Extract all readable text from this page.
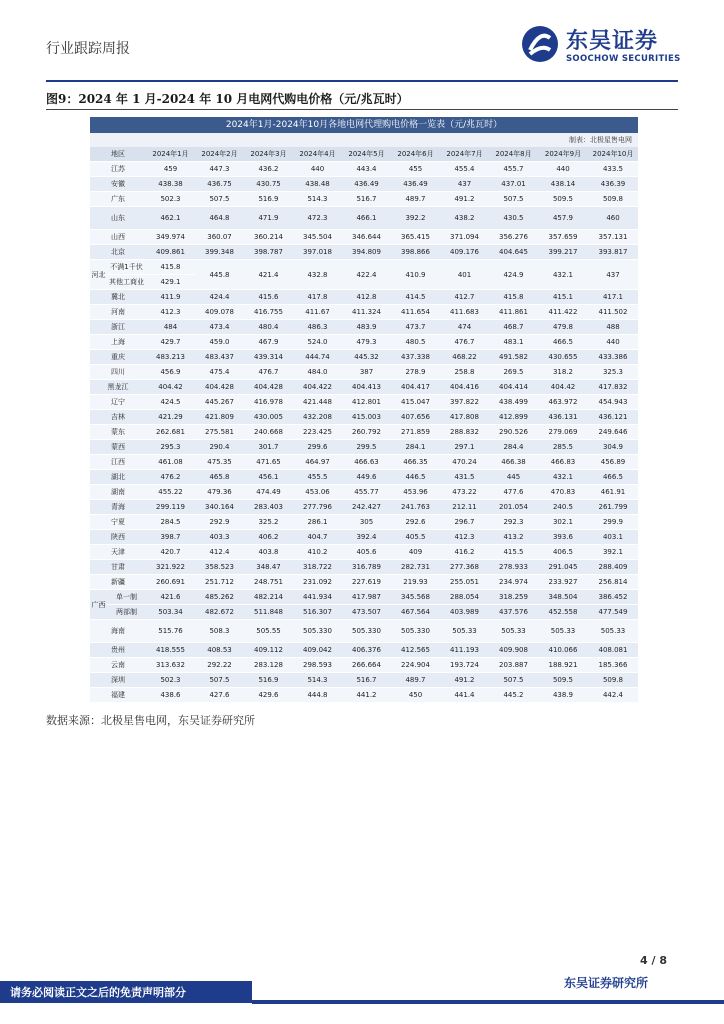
行业跟踪周报	东吴证券
SOOCHOW SECURITIES
图9：2024 年 1 月-2024 年 10 月电网代购电价格（元/兆瓦时）
2024年1月-2024年10月各地电网代理购电价格一览表（元/兆瓦时）
制表：北极星售电网
地区		2024年1月	2024年2月	2024年3月	2024年4月	2024年5月	2024年6月	2024年7月	2024年8月	2024年9月	2024年10月
江苏		459	447.3	436.2	440	443.4	455	455.4	455.7	440	433.5
安徽		438.38	436.75	430.75	438.48	436.49	436.49	437	437.01	438.14	436.39
广东		502.3	507.5	516.9	514.3	516.7	489.7	491.2	507.5	509.5	509.8
山东		462.1	464.8	471.9	472.3	466.1	392.2	438.2	430.5	457.9	460
山西		349.974	360.07	360.214	345.504	346.644	365.415	371.094	356.276	357.659	357.131
北京		409.861	399.348	398.787	397.018	394.809	398.866	409.176	404.645	399.217	393.817
河北	不满1千伏	415.8	445.8	421.4	432.8	422.4	410.9	401	424.9	432.1	437
	其他工商业	429.1									
冀北		411.9	424.4	415.6	417.8	412.8	414.5	412.7	415.8	415.1	417.1
河南		412.3	409.078	416.755	411.67	411.324	411.654	411.683	411.861	411.422	411.502
浙江		484	473.4	480.4	486.3	483.9	473.7	474	468.7	479.8	488
上海		429.7	459.0	467.9	524.0	479.3	480.5	476.7	483.1	466.5	440
重庆		483.213	483.437	439.314	444.74	445.32	437.338	468.22	491.582	430.655	433.386
四川		456.9	475.4	476.7	484.0	387	278.9	258.8	269.5	318.2	325.3
黑龙江		404.42	404.428	404.428	404.422	404.413	404.417	404.416	404.414	404.42	417.832
辽宁		424.5	445.267	416.978	421.448	412.801	415.047	397.822	438.499	463.972	454.943
吉林		421.29	421.809	430.005	432.208	415.003	407.656	417.808	412.899	436.131	436.121
蒙东		262.681	275.581	240.668	223.425	260.792	271.859	288.832	290.526	279.069	249.646
蒙西		295.3	290.4	301.7	299.6	299.5	284.1	297.1	284.4	285.5	304.9
江西		461.08	475.35	471.65	464.97	466.63	466.35	470.24	466.38	466.83	456.89
湖北		476.2	465.8	456.1	455.5	449.6	446.5	431.5	445	432.1	466.5
湖南		455.22	479.36	474.49	453.06	455.77	453.96	473.22	477.6	470.83	461.91
青海		299.119	340.164	283.403	277.796	242.427	241.763	212.11	201.054	240.5	261.799
宁夏		284.5	292.9	325.2	286.1	305	292.6	296.7	292.3	302.1	299.9
陕西		398.7	403.3	406.2	404.7	392.4	405.5	412.3	413.2	393.6	403.1
天津		420.7	412.4	403.8	410.2	405.6	409	416.2	415.5	406.5	392.1
甘肃		321.922	358.523	348.47	318.722	316.789	282.731	277.368	278.933	291.045	288.409
新疆		260.691	251.712	248.751	231.092	227.619	219.93	255.051	234.974	233.927	256.814
广西	单一制	421.6	485.262	482.214	441.934	417.987	345.568	288.054	318.259	348.504	386.452
	两部制	503.34	482.672	511.848	516.307	473.507	467.564	403.989	437.576	452.558	477.549
海南		515.76	508.3	505.55	505.330	505.330	505.330	505.33	505.33	505.33	505.33
贵州		418.555	408.53	409.112	409.042	406.376	412.565	411.193	409.908	410.066	408.081
云南		313.632	292.22	283.128	298.593	266.664	224.904	193.724	203.887	188.921	185.366
深圳		502.3	507.5	516.9	514.3	516.7	489.7	491.2	507.5	509.5	509.8
福建		438.6	427.6	429.6	444.8	441.2	450	441.4	445.2	438.9	442.4
数据来源：北极星售电网，东吴证券研究所
4 / 8
请务必阅读正文之后的免责声明部分
东吴证券研究所
